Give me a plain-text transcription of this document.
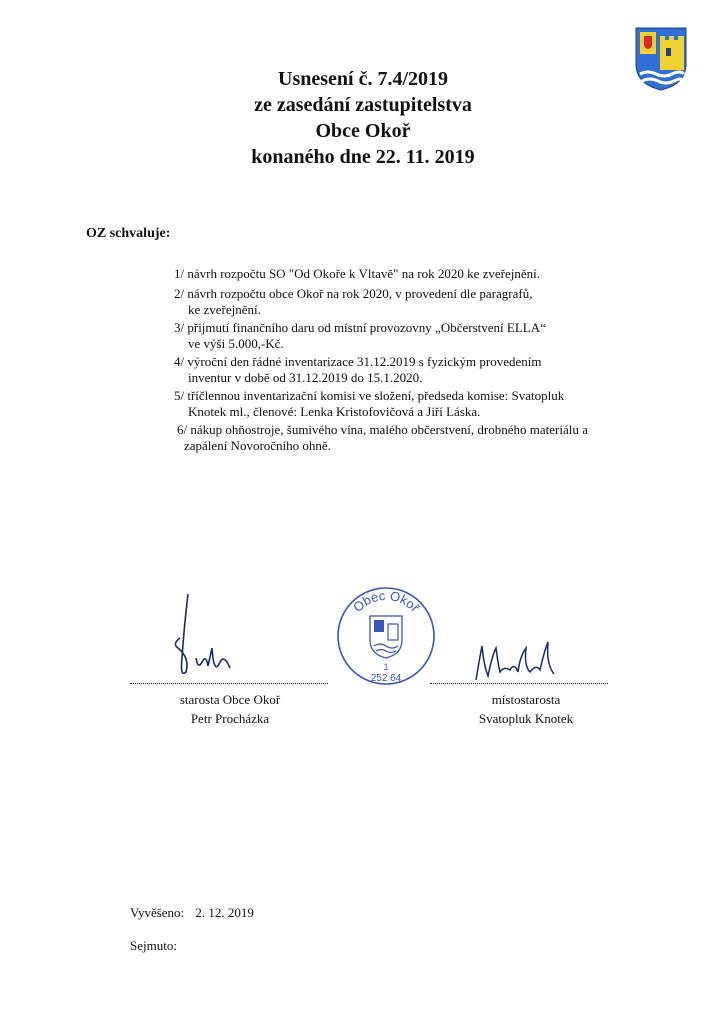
Usnesení č. 7.4/2019
ze zasedání zastupitelstva
Obce Okoř
konaného dne 22. 11. 2019
OZ schvaluje:
1/ návrh rozpočtu SO "Od Okoře k Vltavě" na rok 2020 ke zveřejnění.
2/ návrh rozpočtu obce Okoř na rok 2020, v provedení dle paragrafů,
ke zveřejnění.
3/ přijmutí finančního daru od místní provozovny „Občerstvení ELLA“
ve výši 5.000,-Kč.
4/ výroční den řádné inventarizace 31.12.2019 s fyzickým provedením
inventur v době od 31.12.2019 do 15.1.2020.
5/ tříčlennou inventarizační komisi ve složení, předseda komise: Svatopluk
Knotek ml., členové: Lenka Kristofovičová a Jiří Láska.
6/ nákup ohňostroje, šumivého vína, malého občerstvení, drobného materiálu a
zapálení Novoročního ohně.
Obec Okoř
1
252 64
starosta Obce Okoř
Petr Procházka
místostarosta
Svatopluk Knotek
Vyvěšeno: 2. 12. 2019
Sejmuto:
